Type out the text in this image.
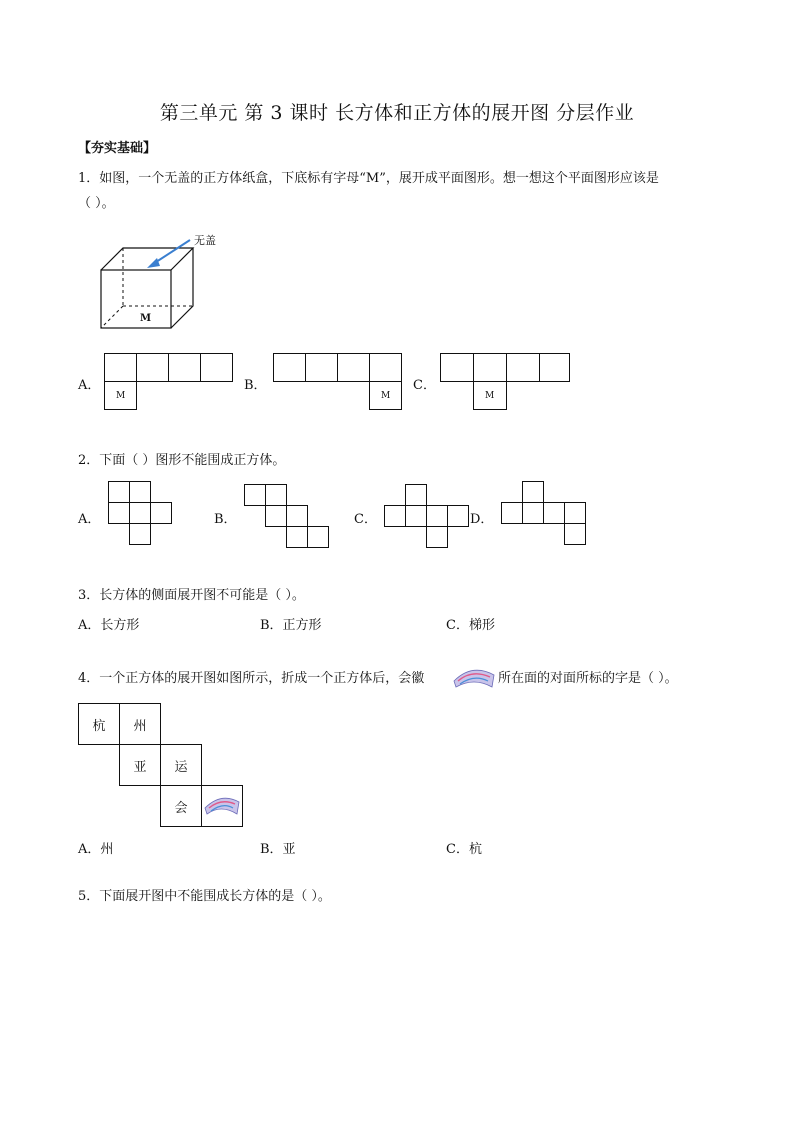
第三单元 第 3 课时 长方体和正方体的展开图 分层作业
【夯实基础】
1．如图，一个无盖的正方体纸盒，下底标有字母“M”，展开成平面图形。想一想这个平面图形应该是
（ ）。
无盖
M
A．	B．	C．
M	M	M
2．下面（ ）图形不能围成正方体。
A．	B．	C．	D．
3．长方体的侧面展开图不可能是（ ）。
A．长方形	B．正方形	C．梯形
4．一个正方体的展开图如图所示，折成一个正方体后，会徽	所在面的对面所标的字是（ ）。
杭	州
亚	运
会
A．州	B．亚	C．杭
5．下面展开图中不能围成长方体的是（ ）。
